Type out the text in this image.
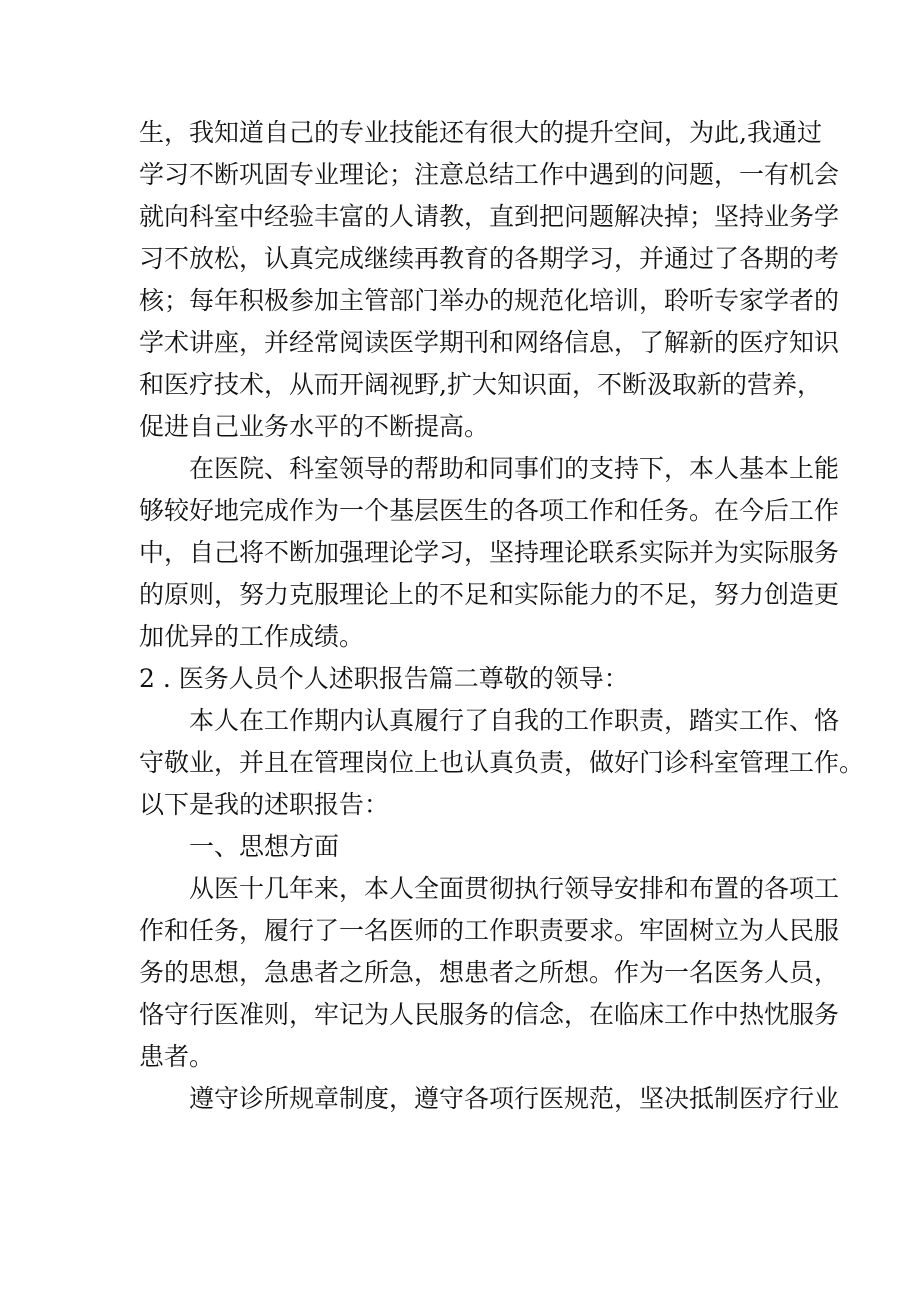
生，我知道自己的专业技能还有很大的提升空间，为此,我通过
学习不断巩固专业理论；注意总结工作中遇到的问题，一有机会
就向科室中经验丰富的人请教，直到把问题解决掉；坚持业务学
习不放松，认真完成继续再教育的各期学习，并通过了各期的考
核；每年积极参加主管部门举办的规范化培训，聆听专家学者的
学术讲座，并经常阅读医学期刊和网络信息，了解新的医疗知识
和医疗技术，从而开阔视野,扩大知识面，不断汲取新的营养，
促进自己业务水平的不断提高。
在医院、科室领导的帮助和同事们的支持下，本人基本上能
够较好地完成作为一个基层医生的各项工作和任务。在今后工作
中，自己将不断加强理论学习，坚持理论联系实际并为实际服务
的原则，努力克服理论上的不足和实际能力的不足，努力创造更
加优异的工作成绩。
2 . 医务人员个人述职报告篇二尊敬的领导：
本人在工作期内认真履行了自我的工作职责，踏实工作、恪
守敬业，并且在管理岗位上也认真负责，做好门诊科室管理工作。
以下是我的述职报告：
一、思想方面
从医十几年来，本人全面贯彻执行领导安排和布置的各项工
作和任务，履行了一名医师的工作职责要求。牢固树立为人民服
务的思想，急患者之所急，想患者之所想。作为一名医务人员，
恪守行医准则，牢记为人民服务的信念，在临床工作中热忱服务
患者。
遵守诊所规章制度，遵守各项行医规范，坚决抵制医疗行业
